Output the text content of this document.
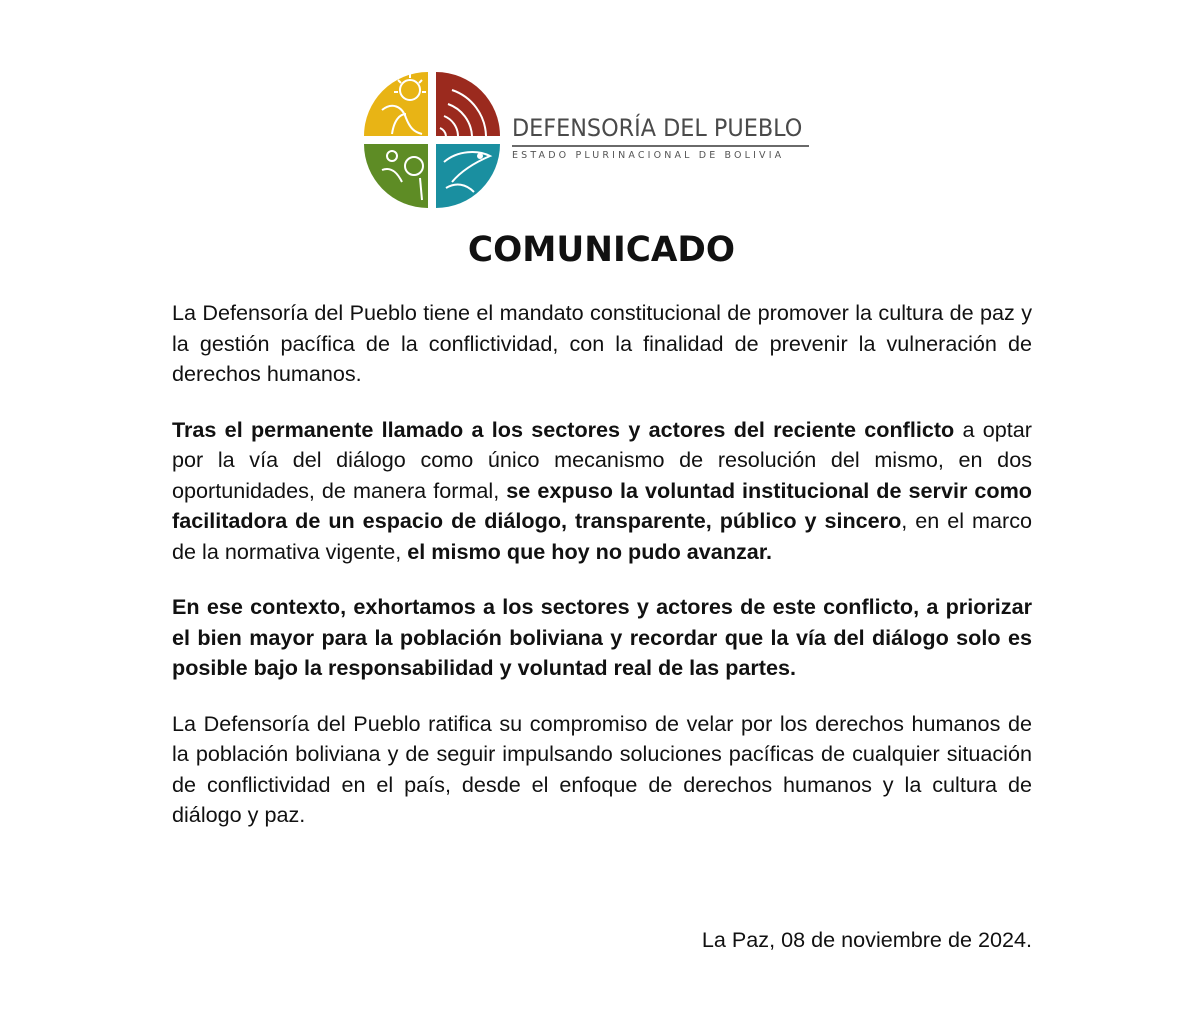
DEFENSORÍA DEL PUEBLO
ESTADO PLURINACIONAL DE BOLIVIA
COMUNICADO

La Defensoría del Pueblo tiene el mandato constitucional de promover la cultura de paz y la gestión pacífica de la conflictividad, con la finalidad de prevenir la vulneración de derechos humanos.

Tras el permanente llamado a los sectores y actores del reciente conflicto a optar por la vía del diálogo como único mecanismo de resolución del mismo, en dos oportunidades, de manera formal, se expuso la voluntad institucional de servir como facilitadora de un espacio de diálogo, transparente, público y sincero, en el marco de la normativa vigente, el mismo que hoy no pudo avanzar.

En ese contexto, exhortamos a los sectores y actores de este conflicto, a priorizar el bien mayor para la población boliviana y recordar que la vía del diálogo solo es posible bajo la responsabilidad y voluntad real de las partes.

La Defensoría del Pueblo ratifica su compromiso de velar por los derechos humanos de la población boliviana y de seguir impulsando soluciones pacíficas de cualquier situación de conflictividad en el país, desde el enfoque de derechos humanos y la cultura de diálogo y paz.

La Paz, 08 de noviembre de 2024.
